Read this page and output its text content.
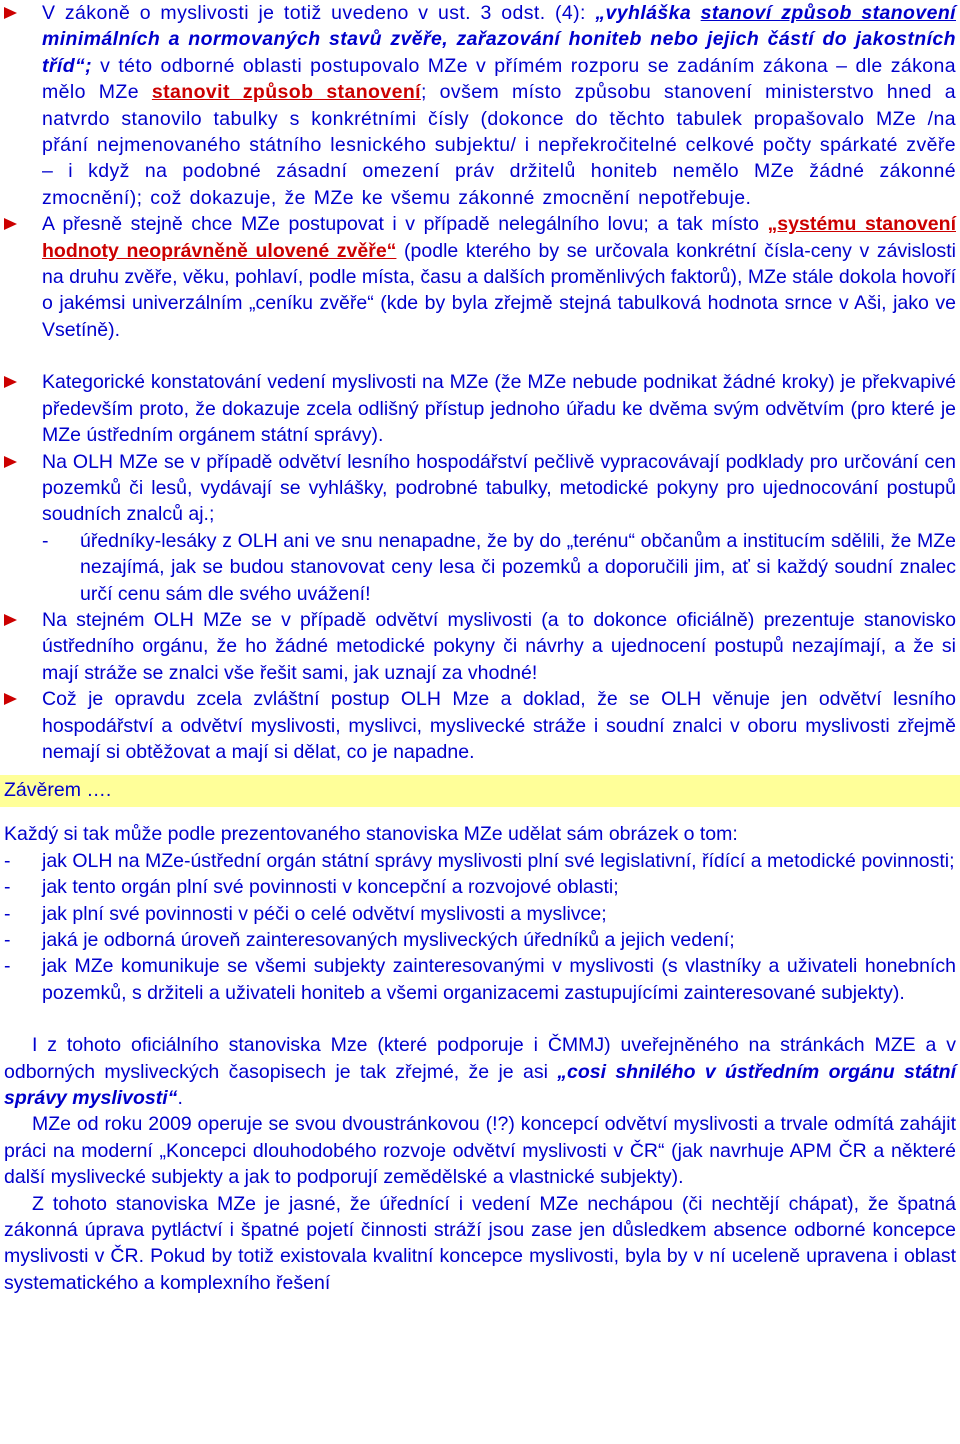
V zákoně o myslivosti je totiž uvedeno v ust. 3 odst. (4): „vyhláška stanoví způsob stanovení minimálních a normovaných stavů zvěře, zařazování honiteb nebo jejich částí do jakostních tříd“; v této odborné oblasti postupovalo MZe v přímém rozporu se zadáním zákona – dle zákona mělo MZe stanovit způsob stanovení; ovšem místo způsobu stanovení ministerstvo hned a natvrdo stanovilo tabulky s konkrétními čísly (dokonce do těchto tabulek propašovalo MZe /na přání nejmenovaného státního lesnického subjektu/ i nepřekročitelné celkové počty spárkaté zvěře – i když na podobné zásadní omezení práv držitelů honiteb nemělo MZe žádné zákonné zmocnění); což dokazuje, že MZe ke všemu zákonné zmocnění nepotřebuje.
A přesně stejně chce MZe postupovat i v případě nelegálního lovu; a tak místo „systému stanovení hodnoty neoprávněně ulovené zvěře“ (podle kterého by se určovala konkrétní čísla-ceny v závislosti na druhu zvěře, věku, pohlaví, podle místa, času a dalších proměnlivých faktorů), MZe stále dokola hovoří o jakémsi univerzálním „ceníku zvěře“ (kde by byla zřejmě stejná tabulková hodnota srnce v Aši, jako ve Vsetíně).
Kategorické konstatování vedení myslivosti na MZe (že MZe nebude podnikat žádné kroky) je překvapivé především proto, že dokazuje zcela odlišný přístup jednoho úřadu ke dvěma svým odvětvím (pro které je MZe ústředním orgánem státní správy).
Na OLH MZe se v případě odvětví lesního hospodářství pečlivě vypracovávají podklady pro určování cen pozemků či lesů, vydávají se vyhlášky, podrobné tabulky, metodické pokyny pro ujednocování postupů soudních znalců aj.;
- úředníky-lesáky z OLH ani ve snu nenapadne, že by do „terénu“ občanům a institucím sdělili, že MZe nezajímá, jak se budou stanovovat ceny lesa či pozemků a doporučili jim, ať si každý soudní znalec určí cenu sám dle svého uvážení!
Na stejném OLH MZe se v případě odvětví myslivosti (a to dokonce oficiálně) prezentuje stanovisko ústředního orgánu, že ho žádné metodické pokyny či návrhy a ujednocení postupů nezajímají, a že si mají stráže se znalci vše řešit sami, jak uznají za vhodné!
Což je opravdu zcela zvláštní postup OLH Mze a doklad, že se OLH věnuje jen odvětví lesního hospodářství a odvětví myslivosti, myslivci, myslivecké stráže i soudní znalci v oboru myslivosti zřejmě nemají si obtěžovat a mají si dělat, co je napadne.
Závěrem ….
Každý si tak může podle prezentovaného stanoviska MZe udělat sám obrázek o tom:
- jak OLH na MZe-ústřední orgán státní správy myslivosti plní své legislativní, řídící a metodické povinnosti;
- jak tento orgán plní své povinnosti v koncepční a rozvojové oblasti;
- jak plní své povinnosti v péči o celé odvětví myslivosti a myslivce;
- jaká je odborná úroveň zainteresovaných mysliveckých úředníků a jejich vedení;
- jak MZe komunikuje se všemi subjekty zainteresovanými v myslivosti (s vlastníky a uživateli honebních pozemků, s držiteli a uživateli honiteb a všemi organizacemi zastupujícími zainteresované subjekty).
I z tohoto oficiálního stanoviska Mze (které podporuje i ČMMJ) uveřejněného na stránkách MZE a v odborných mysliveckých časopisech je tak zřejmé, že je asi „cosi shnilého v ústředním orgánu státní správy myslivosti“.
MZe od roku 2009 operuje se svou dvoustránkovou (!?) koncepcí odvětví myslivosti a trvale odmítá zahájit práci na moderní „Koncepci dlouhodobého rozvoje odvětví myslivosti v ČR“ (jak navrhuje APM ČR a některé další myslivecké subjekty a jak to podporují zemědělské a vlastnické subjekty).
Z tohoto stanoviska MZe je jasné, že úřednící i vedení MZe nechápou (či nechtějí chápat), že špatná zákonná úprava pytláctví i špatné pojetí činnosti stráží jsou zase jen důsledkem absence odborné koncepce myslivosti v ČR. Pokud by totiž existovala kvalitní koncepce myslivosti, byla by v ní uceleně upravena i oblast systematického a komplexního řešení
